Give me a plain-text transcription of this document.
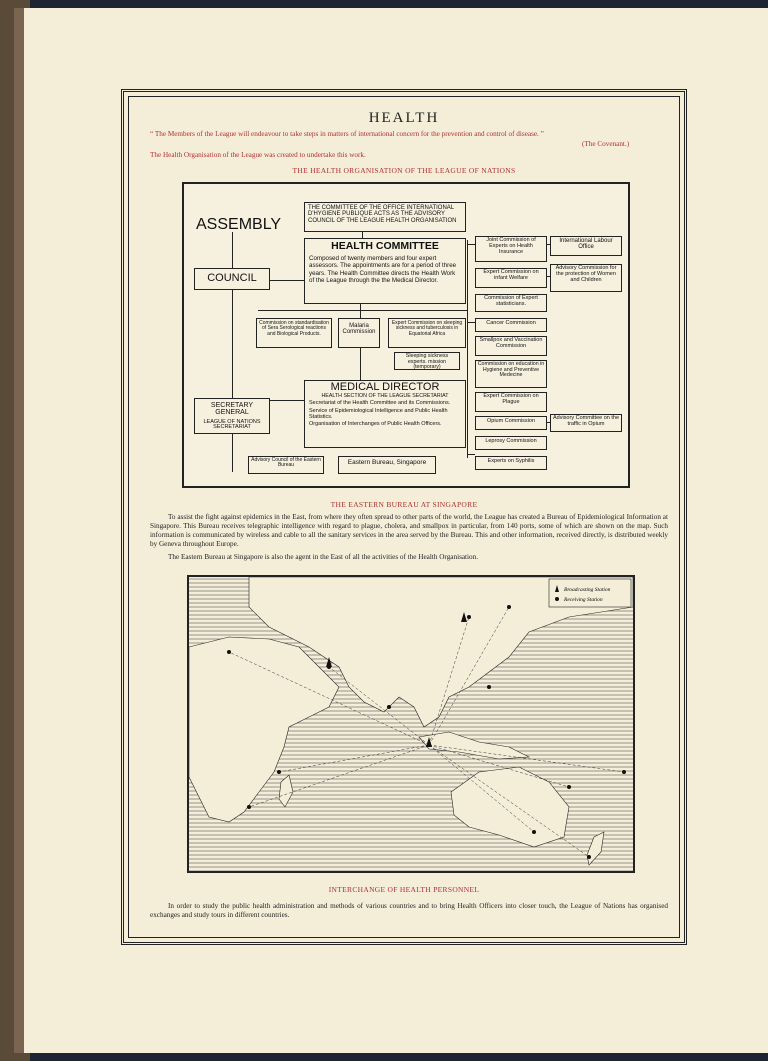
HEALTH
“ The Members of the League will endeavour to take steps in matters of international concern for the prevention and control of disease. ”
(The Covenant.)
The Health Organisation of the League was created to undertake this work.
THE HEALTH ORGANISATION OF THE LEAGUE OF NATIONS
ASSEMBLY
COUNCIL
THE COMMITTEE OF THE OFFICE INTERNATIONAL D'HYGIENE PUBLIQUE ACTS AS THE ADVISORY COUNCIL OF THE LEAGUE HEALTH ORGANISATION
HEALTH COMMITTEE
Composed of twenty members and four expert assessors. The appointments are for a period of three years. The Health Committee directs the Health Work of the League through the the Medical Director.
Commission on standardisation of Sera Serological reactions and Biological Products.
Malaria Commission
Expert Commission on sleeping sickness and tuberculosis in Equatorial Africa
Sleeping sickness experts. mission (temporary)
SECRETARY GENERAL
LEAGUE OF NATIONS SECRETARIAT
MEDICAL DIRECTOR
HEALTH SECTION OF THE LEAGUE SECRETARIAT
Secretariat of the Health Committee and its Commissions.
Service of Epidemiological Intelligence and Public Health Statistics.
Organisation of Interchanges of Public Health Officers.
Advisory Council of the Eastern Bureau	Eastern Bureau, Singapore
Joint Commission of Experts on Health Insurance
Expert Commission on infant Welfare
Commission of Expert statisticians.
Cancer Commission
Smallpox and Vaccination Commission
Commission on education in Hygiene and Preventive Medecine
Expert Commission on Plague
Opium Commission
Leprosy Commission
Experts on Syphilis
International Labour Office
Advisory Commission for the protection of Women and Children
Advisory Committee on the traffic in Opium
THE EASTERN BUREAU AT SINGAPORE
To assist the fight against epidemics in the East, from where they often spread to other parts of the world, the League has created a Bureau of Epidemiological Information at Singapore. This Bureau receives telegraphic intelligence with regard to plague, cholera, and smallpox in particular, from 140 ports, some of which are shown on the map. Such information is communicated by wireless and cable to all the sanitary services in the area served by the Bureau. This and other information, received directly, is distributed weekly by Geneva throughout Europe.
The Eastern Bureau at Singapore is also the agent in the East of all the activities of the Health Organisation.
Broadcasting Station
Receiving Station
INTERCHANGE OF HEALTH PERSONNEL
In order to study the public health administration and methods of various countries and to bring Health Officers into closer touch, the League of Nations has organised exchanges and study tours in different countries.
